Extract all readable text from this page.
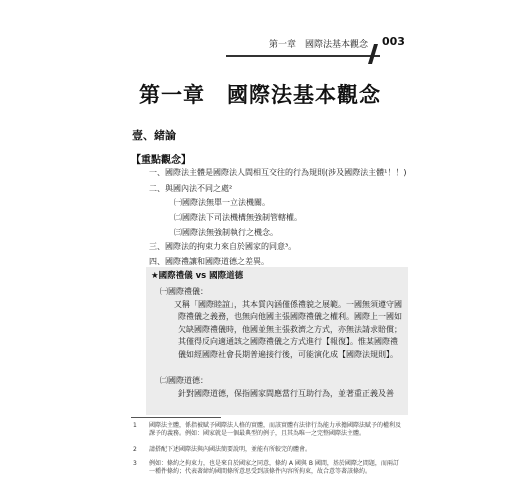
第一章　國際法基本觀念 003
第一章　國際法基本觀念
壹、緒論
【重點觀念】
一、國際法主體是國際法人間相互交往的行為規則(涉及國際法主體¹！！)
二、與國內法不同之處²
㈠國際法無單一立法機關。
㈡國際法下司法機構無強制管轄權。
㈢國際法無強制執行之機念。
三、國際法的拘束力來自於國家的同意³。
四、國際禮讓和國際道德之差異。
★國際禮儀 vs 國際道德
㈠國際禮儀：
又稱「國際睦誼」，其本質內涵僅係禮貌之展範。一國無須遵守國際禮儀之義務，也無向他國主張國際禮儀之權利。國際上一國如欠缺國際禮儀時，他國並無主張救濟之方式，亦無法請求賠償；其僅得反向適通該之國際禮儀之方式進行【報復】。惟某國際禮儀如經國際社會長期普遍接行後，可能演化成【國際法規則】。
㈡國際道德：
針對國際道德，保指國家間應當行互助行為，並著重正義及善
1 國際法主體，係指被賦予國際法人格的實體，而該實體有法律行為能力承擔國際法賦予的權利及課予的義務。例如：國家就是一個最典型的例子，且其為唯一之完整國際法主體。
2 請搭配下述國際法與內國法簡要說明，並能有所較完的體會。
3 例如：條約之拘束力，也是來自於國家之同意，條約 A 國與 B 國間，基於國際之間題，而兩訂一種件條約；代表著締約國間條所意思受到該條件內容所拘束，故合意等著該條約。
